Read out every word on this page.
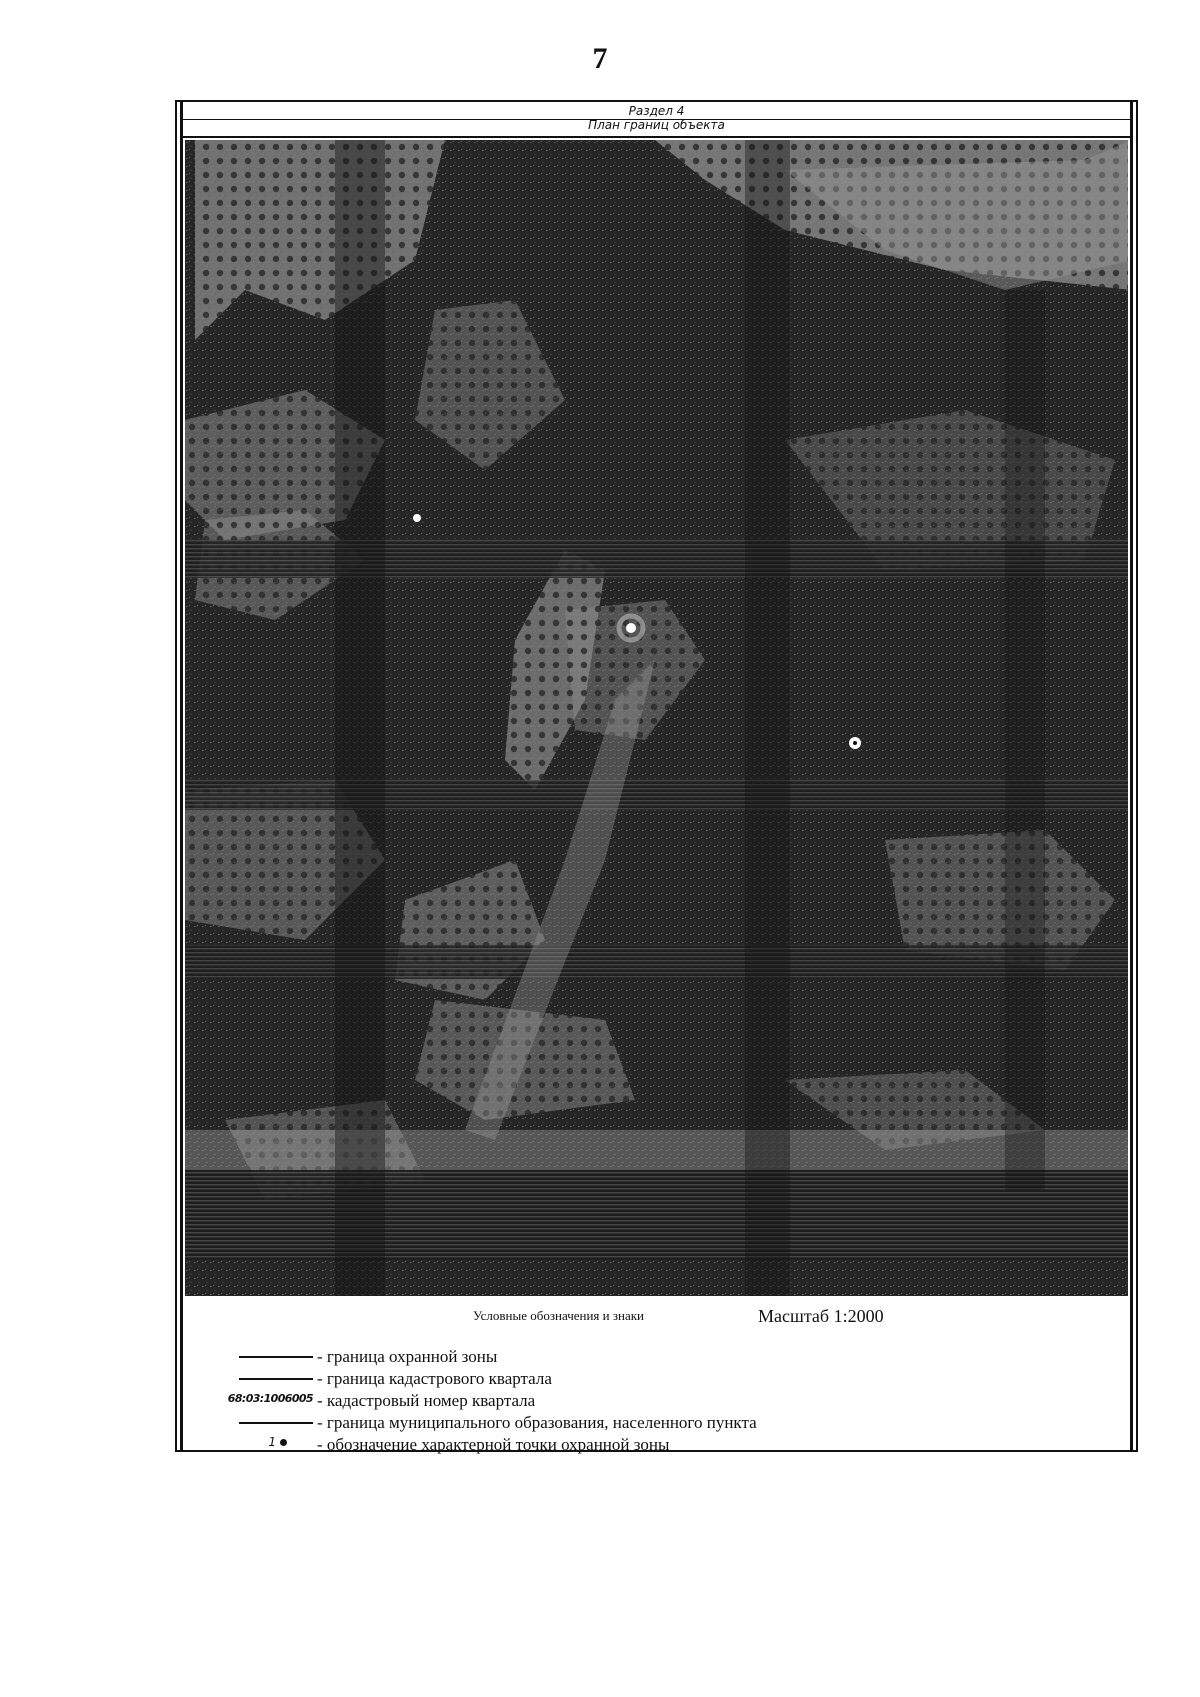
7
Раздел 4
План границ объекта
Условные обозначения и знаки	Масштаб 1:2000
- граница охранной зоны
- граница кадастрового квартала
68:03:1006005 - кадастровый номер квартала
- граница муниципального образования, населенного пункта
1	- обозначение характерной точки охранной зоны
